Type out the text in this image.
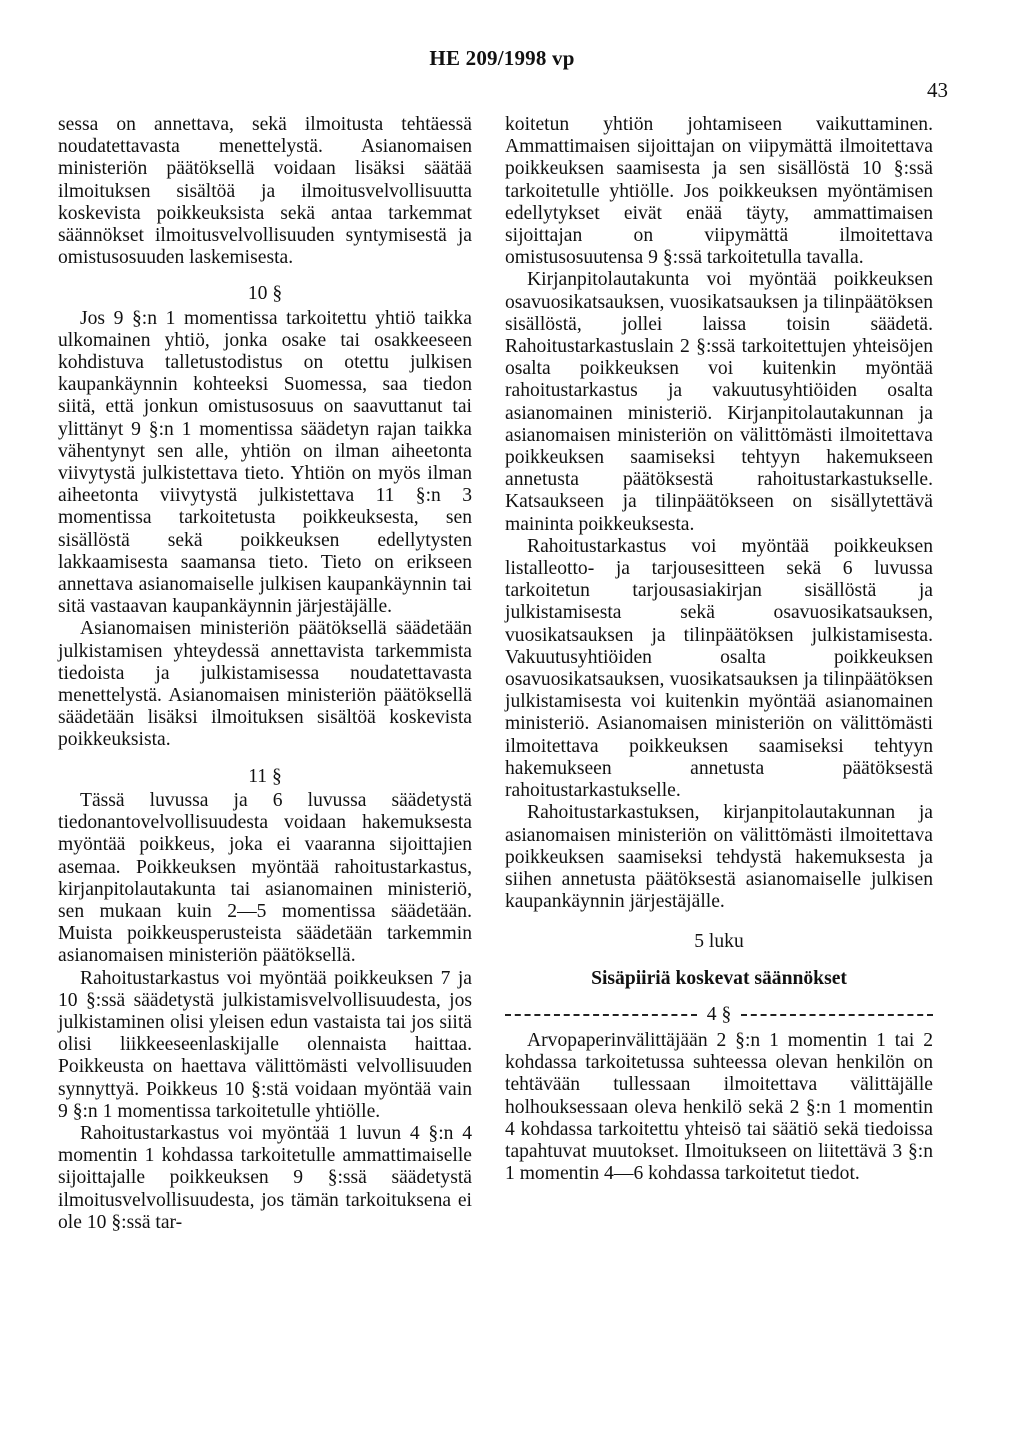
HE 209/1998 vp
43

sessa on annettava, sekä ilmoitusta tehtäessä noudatettavasta menettelystä. Asianomaisen ministeriön päätöksellä voidaan lisäksi säätää ilmoituksen sisältöä ja ilmoitusvelvollisuutta koskevista poikkeuksista sekä antaa tarkemmat säännökset ilmoitusvelvollisuuden syntymisestä ja omistusosuuden laskemisesta.

10 §

Jos 9 §:n 1 momentissa tarkoitettu yhtiö taikka ulkomainen yhtiö, jonka osake tai osakkeeseen kohdistuva talletustodistus on otettu julkisen kaupankäynnin kohteeksi Suomessa, saa tiedon siitä, että jonkun omistusosuus on saavuttanut tai ylittänyt 9 §:n 1 momentissa säädetyn rajan taikka vähentynyt sen alle, yhtiön on ilman aiheetonta viivytystä julkistettava tieto. Yhtiön on myös ilman aiheetonta viivytystä julkistettava 11 §:n 3 momentissa tarkoitetusta poikkeuksesta, sen sisällöstä sekä poikkeuksen edellytysten lakkaamisesta saamansa tieto. Tieto on erikseen annettava asianomaiselle julkisen kaupankäynnin tai sitä vastaavan kaupankäynnin järjestäjälle.

Asianomaisen ministeriön päätöksellä säädetään julkistamisen yhteydessä annettavista tarkemmista tiedoista ja julkistamisessa noudatettavasta menettelystä. Asianomaisen ministeriön päätöksellä säädetään lisäksi ilmoituksen sisältöä koskevista poikkeuksista.

11 §

Tässä luvussa ja 6 luvussa säädetystä tiedonantovelvollisuudesta voidaan hakemuksesta myöntää poikkeus, joka ei vaaranna sijoittajien asemaa. Poikkeuksen myöntää rahoitustarkastus, kirjanpitolautakunta tai asianomainen ministeriö, sen mukaan kuin 2—5 momentissa säädetään. Muista poikkeusperusteista säädetään tarkemmin asianomaisen ministeriön päätöksellä.

Rahoitustarkastus voi myöntää poikkeuksen 7 ja 10 §:ssä säädetystä julkistamisvelvollisuudesta, jos julkistaminen olisi yleisen edun vastaista tai jos siitä olisi liikkeeseenlaskijalle olennaista haittaa. Poikkeusta on haettava välittömästi velvollisuuden synnyttyä. Poikkeus 10 §:stä voidaan myöntää vain 9 §:n 1 momentissa tarkoitetulle yhtiölle.

Rahoitustarkastus voi myöntää 1 luvun 4 §:n 4 momentin 1 kohdassa tarkoitetulle ammattimaiselle sijoittajalle poikkeuksen 9 §:ssä säädetystä ilmoitusvelvollisuudesta, jos tämän tarkoituksena ei ole 10 §:ssä tar-

koitetun yhtiön johtamiseen vaikuttaminen. Ammattimaisen sijoittajan on viipymättä ilmoitettava poikkeuksen saamisesta ja sen sisällöstä 10 §:ssä tarkoitetulle yhtiölle. Jos poikkeuksen myöntämisen edellytykset eivät enää täyty, ammattimaisen sijoittajan on viipymättä ilmoitettava omistusosuutensa 9 §:ssä tarkoitetulla tavalla.

Kirjanpitolautakunta voi myöntää poikkeuksen osavuosikatsauksen, vuosikatsauksen ja tilinpäätöksen sisällöstä, jollei laissa toisin säädetä. Rahoitustarkastuslain 2 §:ssä tarkoitettujen yhteisöjen osalta poikkeuksen voi kuitenkin myöntää rahoitustarkastus ja vakuutusyhtiöiden osalta asianomainen ministeriö. Kirjanpitolautakunnan ja asianomaisen ministeriön on välittömästi ilmoitettava poikkeuksen saamiseksi tehtyyn hakemukseen annetusta päätöksestä rahoitustarkastukselle. Katsaukseen ja tilinpäätökseen on sisällytettävä maininta poikkeuksesta.

Rahoitustarkastus voi myöntää poikkeuksen listalleotto- ja tarjousesitteen sekä 6 luvussa tarkoitetun tarjousasiakirjan sisällöstä ja julkistamisesta sekä osavuosikatsauksen, vuosikatsauksen ja tilinpäätöksen julkistamisesta. Vakuutusyhtiöiden osalta poikkeuksen osavuosikatsauksen, vuosikatsauksen ja tilinpäätöksen julkistamisesta voi kuitenkin myöntää asianomainen ministeriö. Asianomaisen ministeriön on välittömästi ilmoitettava poikkeuksen saamiseksi tehtyyn hakemukseen annetusta päätöksestä rahoitustarkastukselle.

Rahoitustarkastuksen, kirjanpitolautakunnan ja asianomaisen ministeriön on välittömästi ilmoitettava poikkeuksen saamiseksi tehdystä hakemuksesta ja siihen annetusta päätöksestä asianomaiselle julkisen kaupankäynnin järjestäjälle.

5 luku
Sisäpiiriä koskevat säännökset
4 §

Arvopaperinvälittäjään 2 §:n 1 momentin 1 tai 2 kohdassa tarkoitetussa suhteessa olevan henkilön on tehtävään tullessaan ilmoitettava välittäjälle holhouksessaan oleva henkilö sekä 2 §:n 1 momentin 4 kohdassa tarkoitettu yhteisö tai säätiö sekä tiedoissa tapahtuvat muutokset. Ilmoitukseen on liitettävä 3 §:n 1 momentin 4—6 kohdassa tarkoitetut tiedot.
